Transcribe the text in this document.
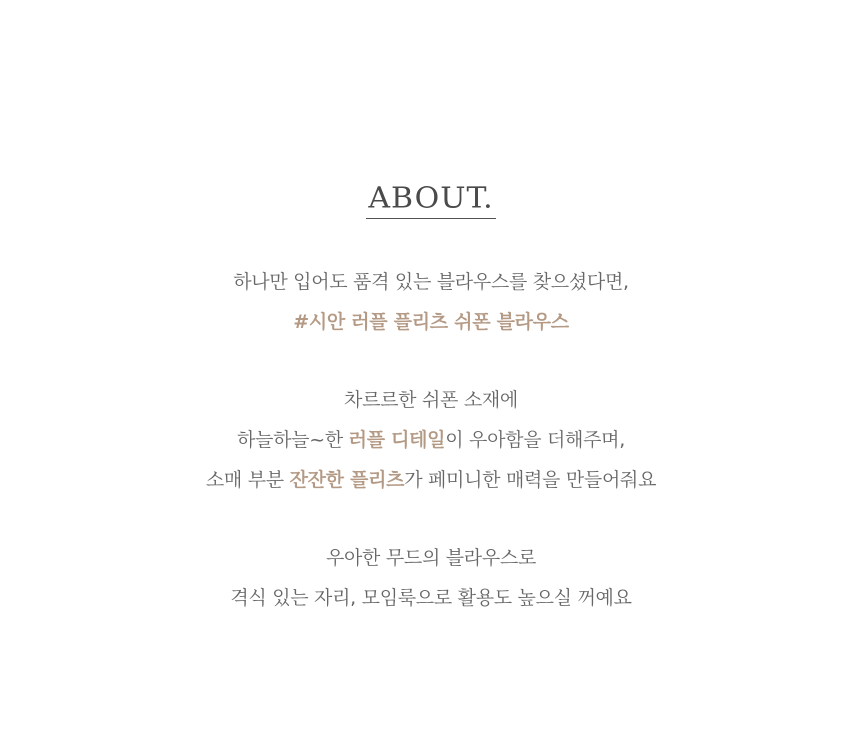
ABOUT.

하나만 입어도 품격 있는 블라우스를 찾으셨다면,

#시안 러플 플리츠 쉬폰 블라우스

차르르한 쉬폰 소재에

하늘하늘~한 러플 디테일이 우아함을 더해주며,

소매 부분 잔잔한 플리츠가 페미니한 매력을 만들어줘요

우아한 무드의 블라우스로

격식 있는 자리, 모임룩으로 활용도 높으실 꺼예요
